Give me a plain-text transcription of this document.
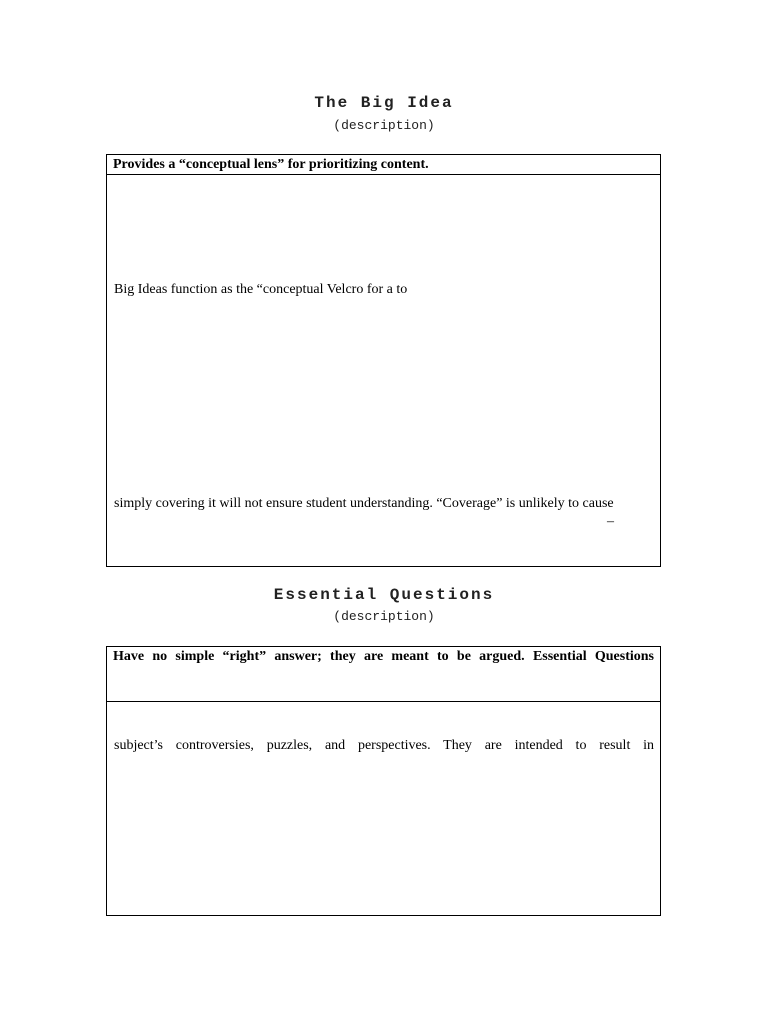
The Big Idea

(description)

Provides a “conceptual lens” for prioritizing content.
Big Ideas function as the “conceptual Velcro for a to
simply covering it will not ensure student understanding. “Coverage” is unlikely to cause
–
Essential Questions

(description)

Have no simple “right” answer; they are meant to be argued. Essential Questions
subject’s controversies, puzzles, and perspectives. They are intended to result in
